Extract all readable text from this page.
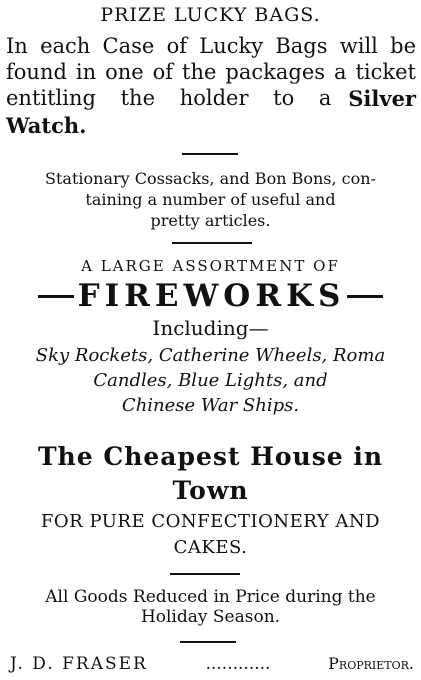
PRIZE LUCKY BAGS.
In each Case of Lucky Bags will be
found in one of the packages a ticket
entitling the holder to a Silver
Watch.
Stationary Cossacks, and Bon Bons, con-
taining a number of useful and
pretty articles.
A LARGE ASSORTMENT OF
FIREWORKS
Including—
Sky Rockets, Catherine Wheels, Roma
Candles, Blue Lights, and
Chinese War Ships.
The Cheapest House in
Town
FOR PURE CONFECTIONERY AND
CAKES.
All Goods Reduced in Price during the
Holiday Season.
J. D. FRASER	............	Proprietor.
